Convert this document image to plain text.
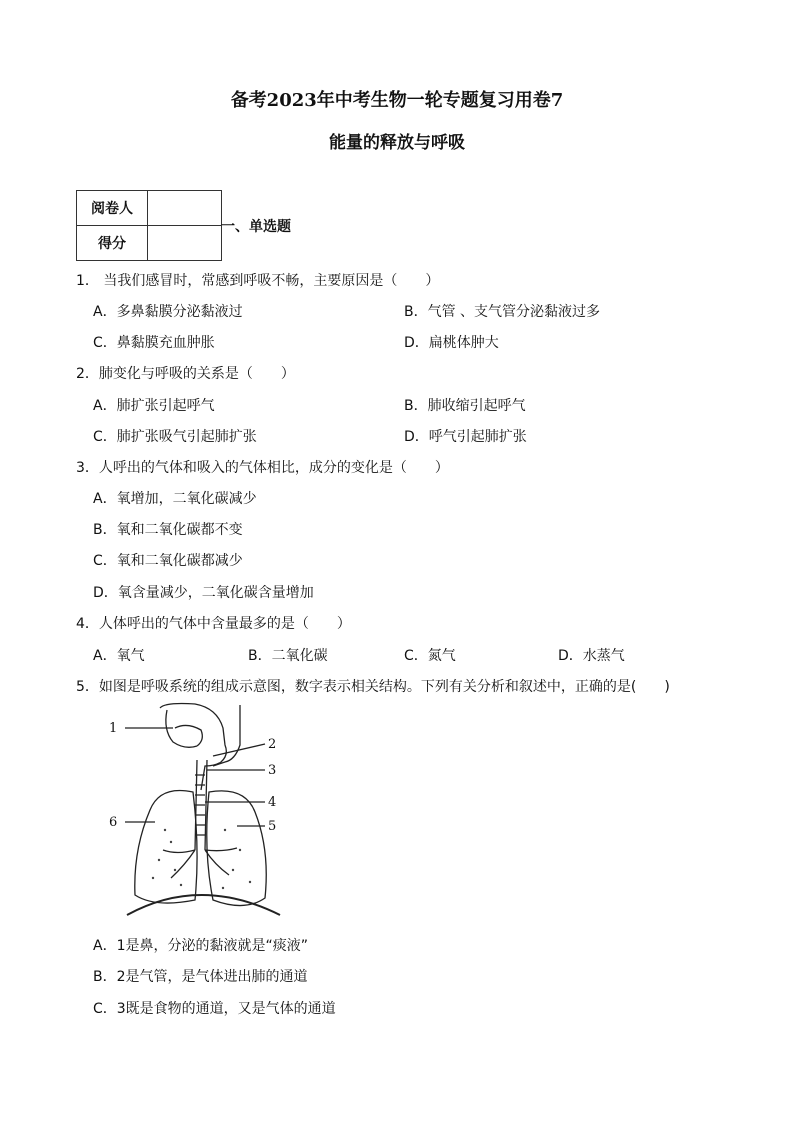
备考2023年中考生物一轮专题复习用卷7
能量的释放与呼吸
阅卷人	
得分	
一、单选题
1． 当我们感冒时，常感到呼吸不畅，主要原因是（　　）
A．多鼻黏膜分泌黏液过	B．气管 、支气管分泌黏液过多
C．鼻黏膜充血肿胀	D．扁桃体肿大
2．肺变化与呼吸的关系是（　　）
A．肺扩张引起呼气	B．肺收缩引起呼气
C．肺扩张吸气引起肺扩张	D．呼气引起肺扩张
3．人呼出的气体和吸入的气体相比，成分的变化是（　　）
A．氧增加，二氧化碳减少
B．氧和二氧化碳都不变
C．氧和二氧化碳都减少
D．氧含量减少，二氧化碳含量增加
4．人体呼出的气体中含量最多的是（　　）
A．氧气	B．二氧化碳	C．氮气	D．水蒸气
5．如图是呼吸系统的组成示意图，数字表示相关结构。下列有关分析和叙述中，正确的是(　　)
1
2
3
4
5
6
A．1是鼻，分泌的黏液就是“痰液”
B．2是气管，是气体进出肺的通道
C．3既是食物的通道，又是气体的通道
